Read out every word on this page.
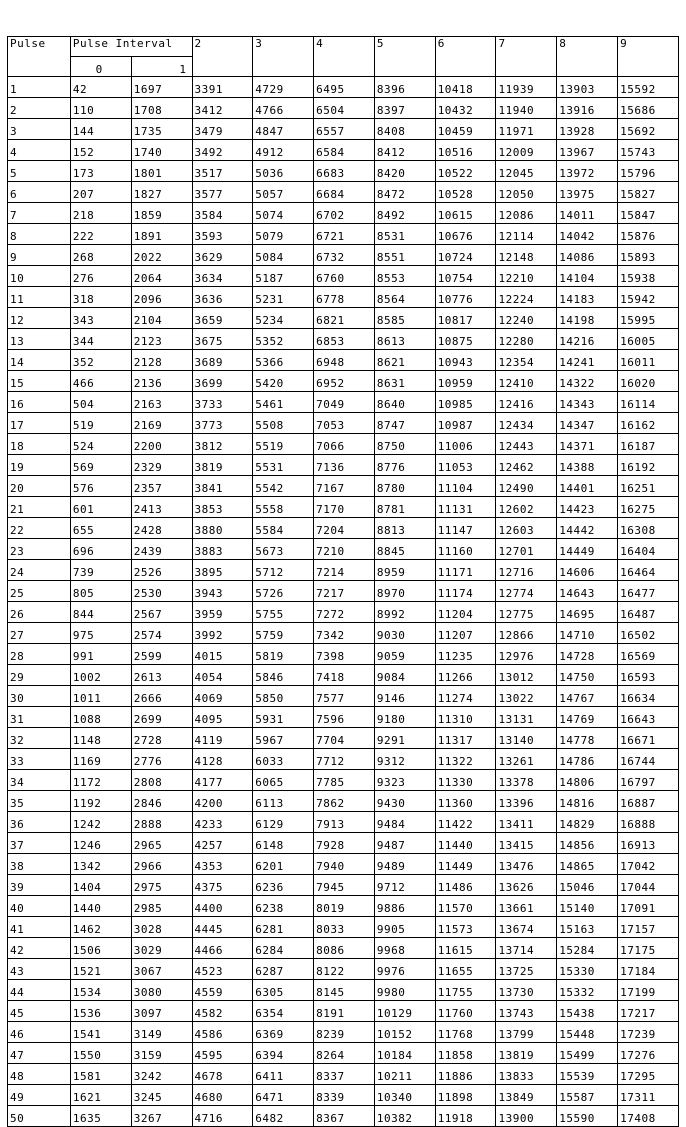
Pulse	Pulse Interval		2	3	4	5	6	7	8	9
	0	1								
1	42	1697	3391	4729	6495	8396	10418	11939	13903	15592
2	110	1708	3412	4766	6504	8397	10432	11940	13916	15686
3	144	1735	3479	4847	6557	8408	10459	11971	13928	15692
4	152	1740	3492	4912	6584	8412	10516	12009	13967	15743
5	173	1801	3517	5036	6683	8420	10522	12045	13972	15796
6	207	1827	3577	5057	6684	8472	10528	12050	13975	15827
7	218	1859	3584	5074	6702	8492	10615	12086	14011	15847
8	222	1891	3593	5079	6721	8531	10676	12114	14042	15876
9	268	2022	3629	5084	6732	8551	10724	12148	14086	15893
10	276	2064	3634	5187	6760	8553	10754	12210	14104	15938
11	318	2096	3636	5231	6778	8564	10776	12224	14183	15942
12	343	2104	3659	5234	6821	8585	10817	12240	14198	15995
13	344	2123	3675	5352	6853	8613	10875	12280	14216	16005
14	352	2128	3689	5366	6948	8621	10943	12354	14241	16011
15	466	2136	3699	5420	6952	8631	10959	12410	14322	16020
16	504	2163	3733	5461	7049	8640	10985	12416	14343	16114
17	519	2169	3773	5508	7053	8747	10987	12434	14347	16162
18	524	2200	3812	5519	7066	8750	11006	12443	14371	16187
19	569	2329	3819	5531	7136	8776	11053	12462	14388	16192
20	576	2357	3841	5542	7167	8780	11104	12490	14401	16251
21	601	2413	3853	5558	7170	8781	11131	12602	14423	16275
22	655	2428	3880	5584	7204	8813	11147	12603	14442	16308
23	696	2439	3883	5673	7210	8845	11160	12701	14449	16404
24	739	2526	3895	5712	7214	8959	11171	12716	14606	16464
25	805	2530	3943	5726	7217	8970	11174	12774	14643	16477
26	844	2567	3959	5755	7272	8992	11204	12775	14695	16487
27	975	2574	3992	5759	7342	9030	11207	12866	14710	16502
28	991	2599	4015	5819	7398	9059	11235	12976	14728	16569
29	1002	2613	4054	5846	7418	9084	11266	13012	14750	16593
30	1011	2666	4069	5850	7577	9146	11274	13022	14767	16634
31	1088	2699	4095	5931	7596	9180	11310	13131	14769	16643
32	1148	2728	4119	5967	7704	9291	11317	13140	14778	16671
33	1169	2776	4128	6033	7712	9312	11322	13261	14786	16744
34	1172	2808	4177	6065	7785	9323	11330	13378	14806	16797
35	1192	2846	4200	6113	7862	9430	11360	13396	14816	16887
36	1242	2888	4233	6129	7913	9484	11422	13411	14829	16888
37	1246	2965	4257	6148	7928	9487	11440	13415	14856	16913
38	1342	2966	4353	6201	7940	9489	11449	13476	14865	17042
39	1404	2975	4375	6236	7945	9712	11486	13626	15046	17044
40	1440	2985	4400	6238	8019	9886	11570	13661	15140	17091
41	1462	3028	4445	6281	8033	9905	11573	13674	15163	17157
42	1506	3029	4466	6284	8086	9968	11615	13714	15284	17175
43	1521	3067	4523	6287	8122	9976	11655	13725	15330	17184
44	1534	3080	4559	6305	8145	9980	11755	13730	15332	17199
45	1536	3097	4582	6354	8191	10129	11760	13743	15438	17217
46	1541	3149	4586	6369	8239	10152	11768	13799	15448	17239
47	1550	3159	4595	6394	8264	10184	11858	13819	15499	17276
48	1581	3242	4678	6411	8337	10211	11886	13833	15539	17295
49	1621	3245	4680	6471	8339	10340	11898	13849	15587	17311
50	1635	3267	4716	6482	8367	10382	11918	13900	15590	17408
